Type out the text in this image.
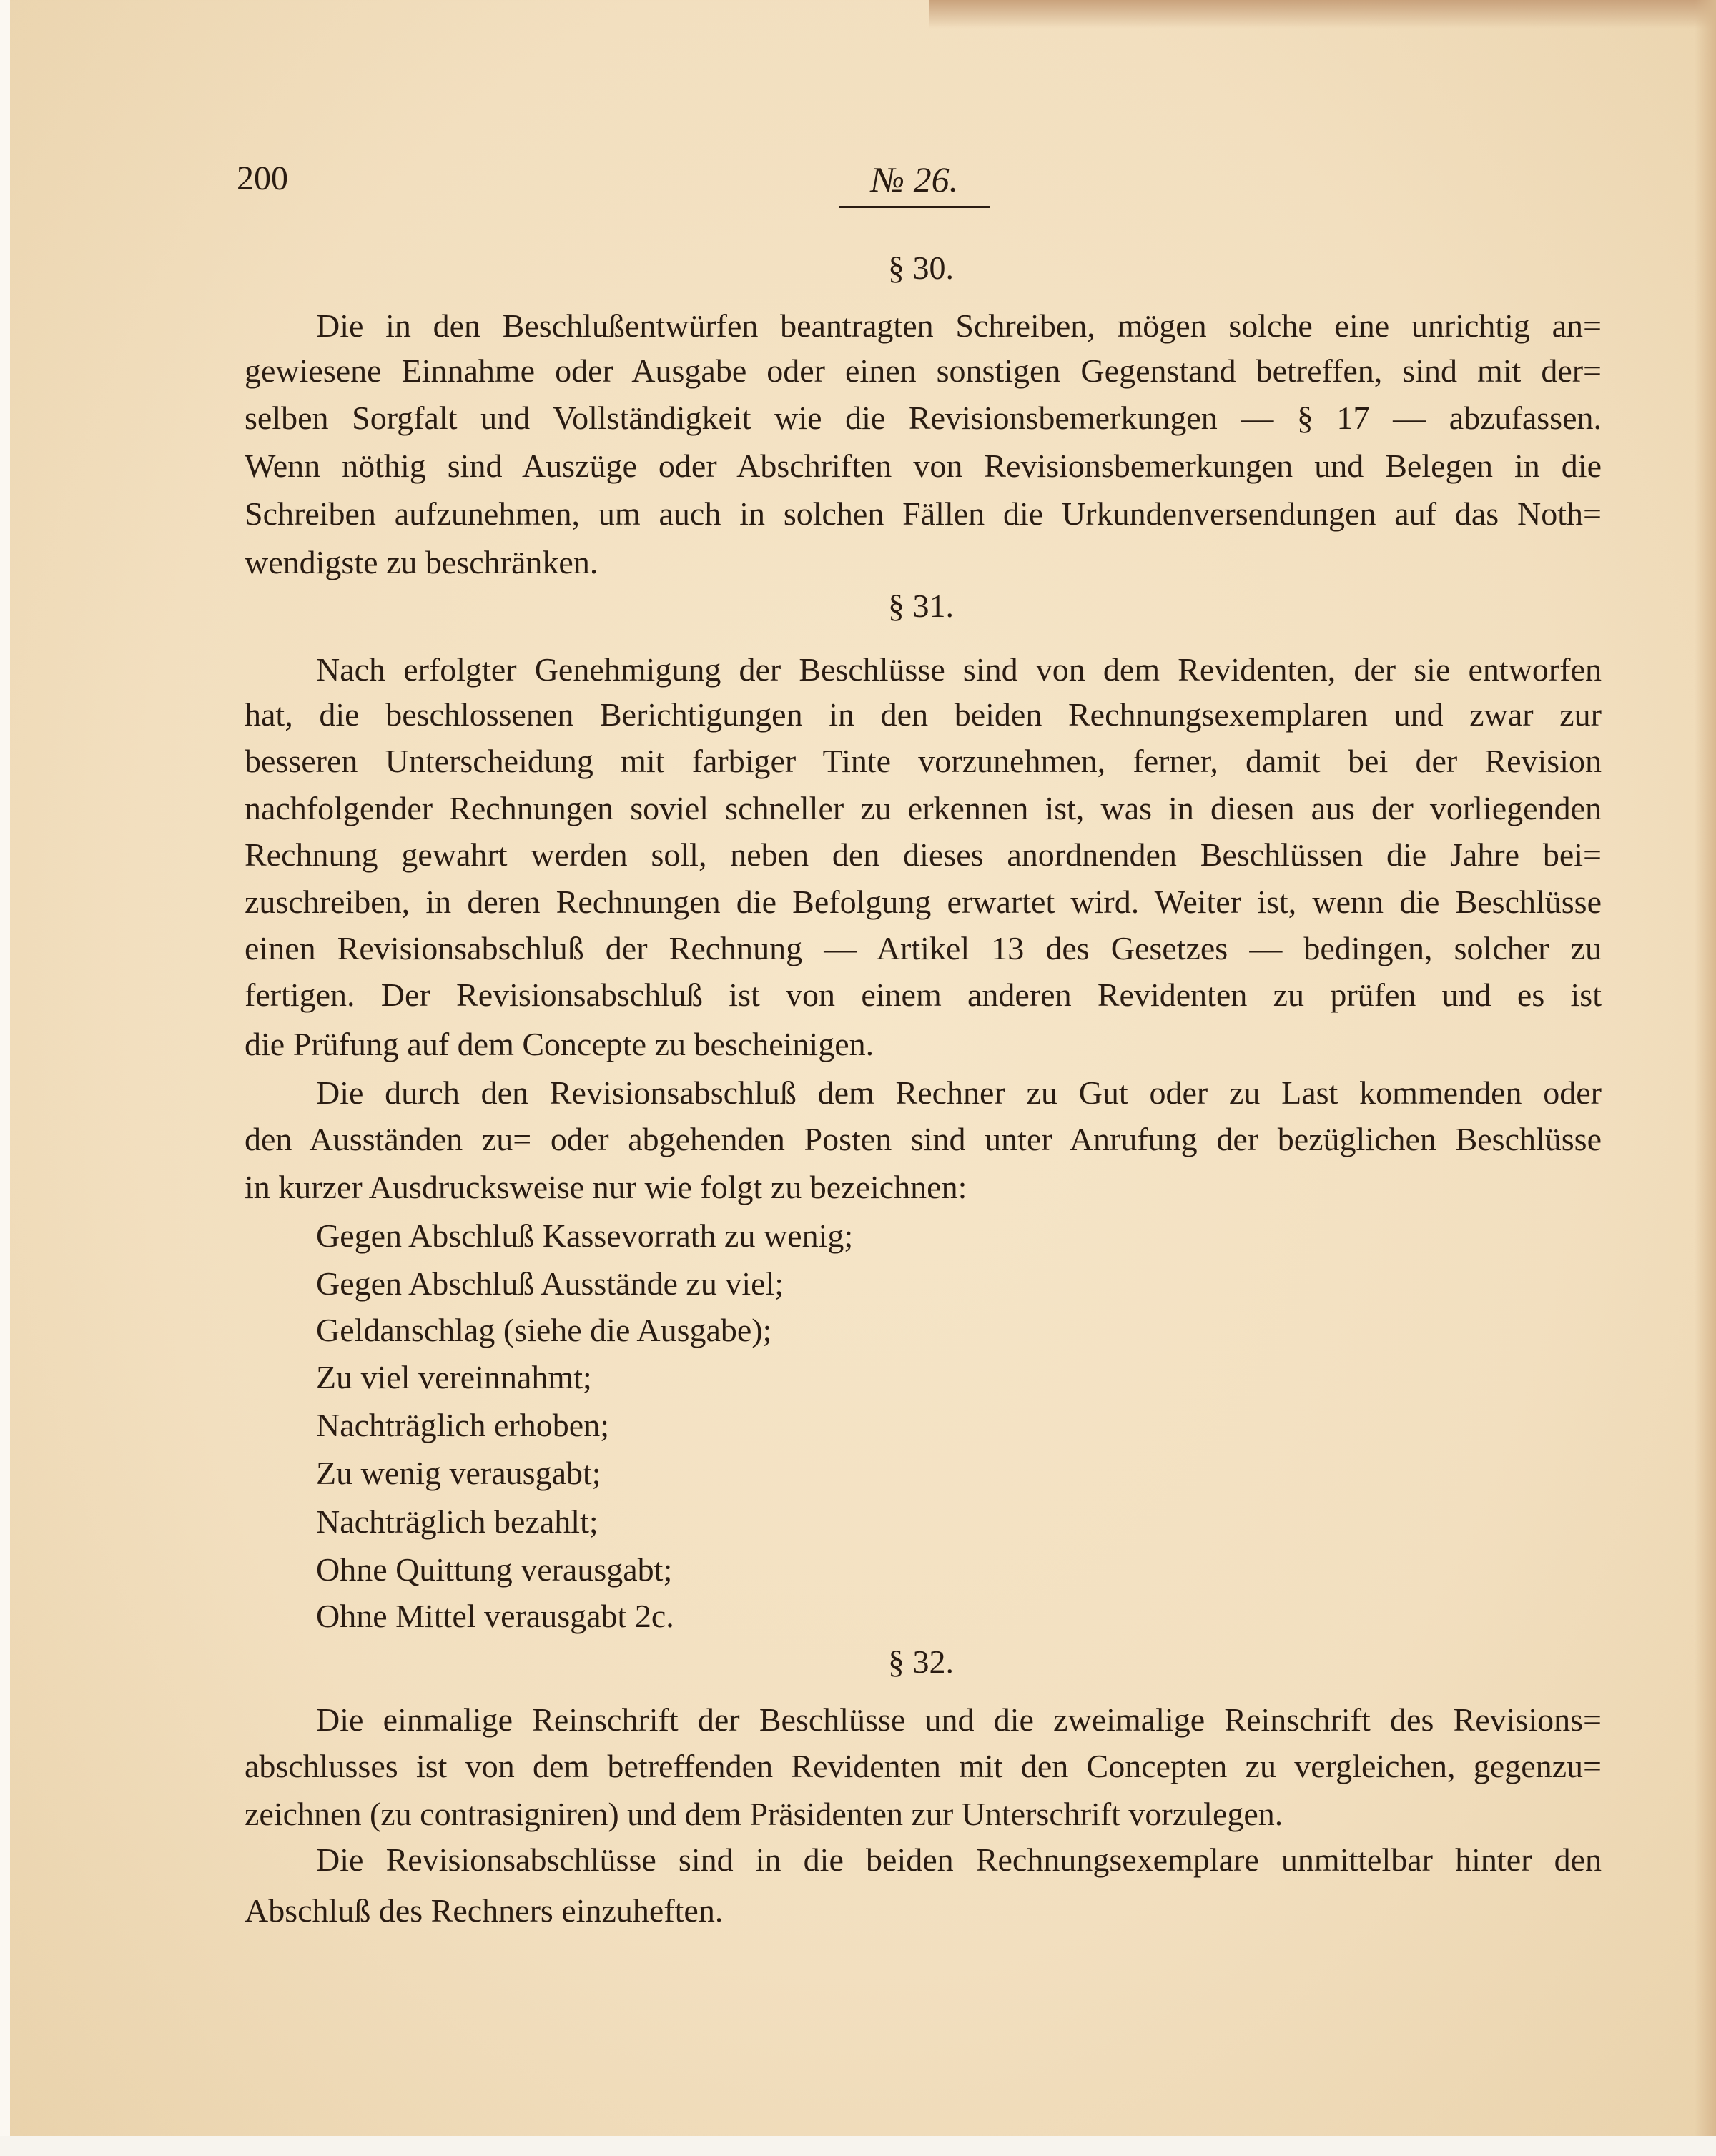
200	№ 26.
§ 30.
Die in den Beschlußentwürfen beantragten Schreiben, mögen solche eine unrichtig an=
gewiesene Einnahme oder Ausgabe oder einen sonstigen Gegenstand betreffen, sind mit der=
selben Sorgfalt und Vollständigkeit wie die Revisionsbemerkungen — § 17 — abzufassen.
Wenn nöthig sind Auszüge oder Abschriften von Revisionsbemerkungen und Belegen in die
Schreiben aufzunehmen, um auch in solchen Fällen die Urkundenversendungen auf das Noth=
wendigste zu beschränken.
§ 31.
Nach erfolgter Genehmigung der Beschlüsse sind von dem Revidenten, der sie entworfen
hat, die beschlossenen Berichtigungen in den beiden Rechnungsexemplaren und zwar zur
besseren Unterscheidung mit farbiger Tinte vorzunehmen, ferner, damit bei der Revision
nachfolgender Rechnungen soviel schneller zu erkennen ist, was in diesen aus der vorliegenden
Rechnung gewahrt werden soll, neben den dieses anordnenden Beschlüssen die Jahre bei=
zuschreiben, in deren Rechnungen die Befolgung erwartet wird. Weiter ist, wenn die Beschlüsse
einen Revisionsabschluß der Rechnung — Artikel 13 des Gesetzes — bedingen, solcher zu
fertigen. Der Revisionsabschluß ist von einem anderen Revidenten zu prüfen und es ist
die Prüfung auf dem Concepte zu bescheinigen.
Die durch den Revisionsabschluß dem Rechner zu Gut oder zu Last kommenden oder
den Ausständen zu= oder abgehenden Posten sind unter Anrufung der bezüglichen Beschlüsse
in kurzer Ausdrucksweise nur wie folgt zu bezeichnen:
Gegen Abschluß Kassevorrath zu wenig;
Gegen Abschluß Ausstände zu viel;
Geldanschlag (siehe die Ausgabe);
Zu viel vereinnahmt;
Nachträglich erhoben;
Zu wenig verausgabt;
Nachträglich bezahlt;
Ohne Quittung verausgabt;
Ohne Mittel verausgabt 2c.
§ 32.
Die einmalige Reinschrift der Beschlüsse und die zweimalige Reinschrift des Revisions=
abschlusses ist von dem betreffenden Revidenten mit den Concepten zu vergleichen, gegenzu=
zeichnen (zu contrasigniren) und dem Präsidenten zur Unterschrift vorzulegen.
Die Revisionsabschlüsse sind in die beiden Rechnungsexemplare unmittelbar hinter den
Abschluß des Rechners einzuheften.
